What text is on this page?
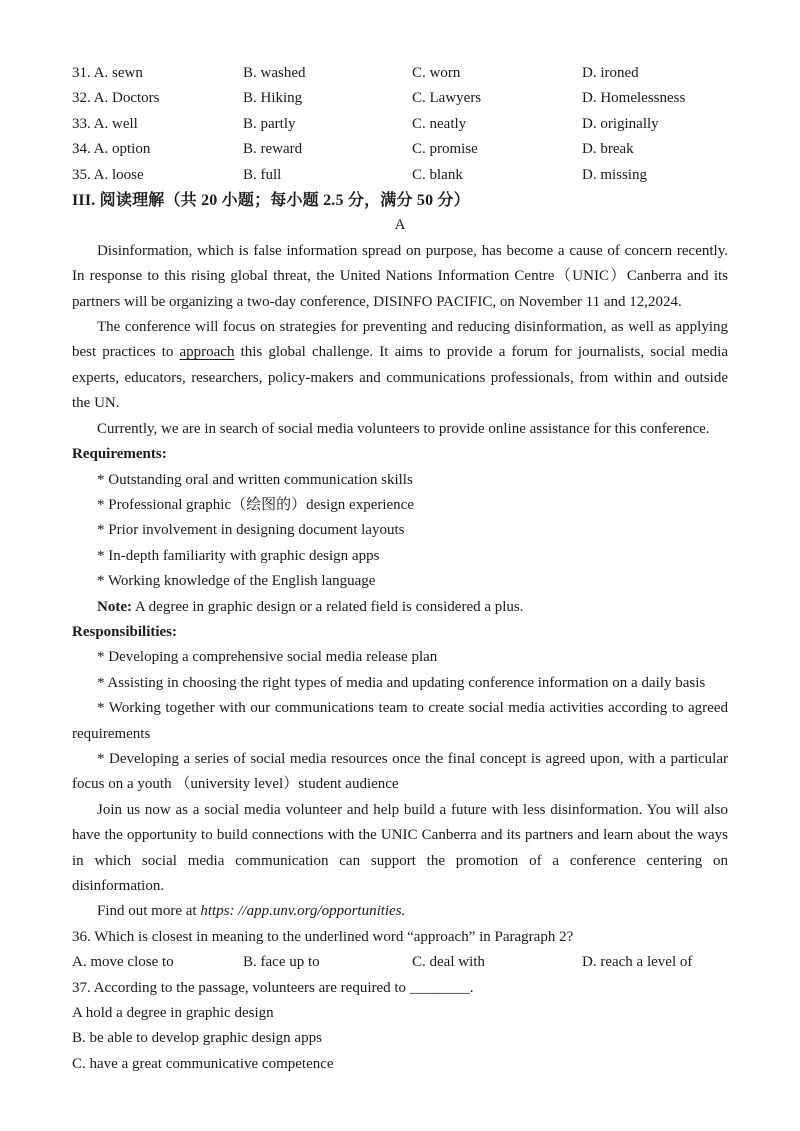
31. A. sewn	B. washed	C. worn	D. ironed
32. A. Doctors	B. Hiking	C. Lawyers	D. Homelessness
33. A. well	B. partly	C. neatly	D. originally
34. A. option	B. reward	C. promise	D. break
35. A. loose	B. full	C. blank	D. missing
III. 阅读理解（共 20 小题；每小题 2.5 分，满分 50 分）
A

Disinformation, which is false information spread on purpose, has become a cause of concern recently. In response to this rising global threat, the United Nations Information Centre（UNIC）Canberra and its partners will be organizing a two-day conference, DISINFO PACIFIC, on November 11 and 12,2024.

The conference will focus on strategies for preventing and reducing disinformation, as well as applying best practices to approach this global challenge. It aims to provide a forum for journalists, social media experts, educators, researchers, policy-makers and communications professionals, from within and outside the UN.

Currently, we are in search of social media volunteers to provide online assistance for this conference.

Requirements:

* Outstanding oral and written communication skills

* Professional graphic（绘图的）design experience

* Prior involvement in designing document layouts

* In-depth familiarity with graphic design apps

* Working knowledge of the English language

Note: A degree in graphic design or a related field is considered a plus.

Responsibilities:

* Developing a comprehensive social media release plan

* Assisting in choosing the right types of media and updating conference information on a daily basis

* Working together with our communications team to create social media activities according to agreed requirements

* Developing a series of social media resources once the final concept is agreed upon, with a particular focus on a youth （university level）student audience

Join us now as a social media volunteer and help build a future with less disinformation. You will also have the opportunity to build connections with the UNIC Canberra and its partners and learn about the ways in which social media communication can support the promotion of a conference centering on disinformation.

Find out more at https: //app.unv.org/opportunities.

36. Which is closest in meaning to the underlined word “approach” in Paragraph 2?
A. move close to	B. face up to	C. deal with	D. reach a level of
37. According to the passage, volunteers are required to ________.
A hold a degree in graphic design
B. be able to develop graphic design apps
C. have a great communicative competence
